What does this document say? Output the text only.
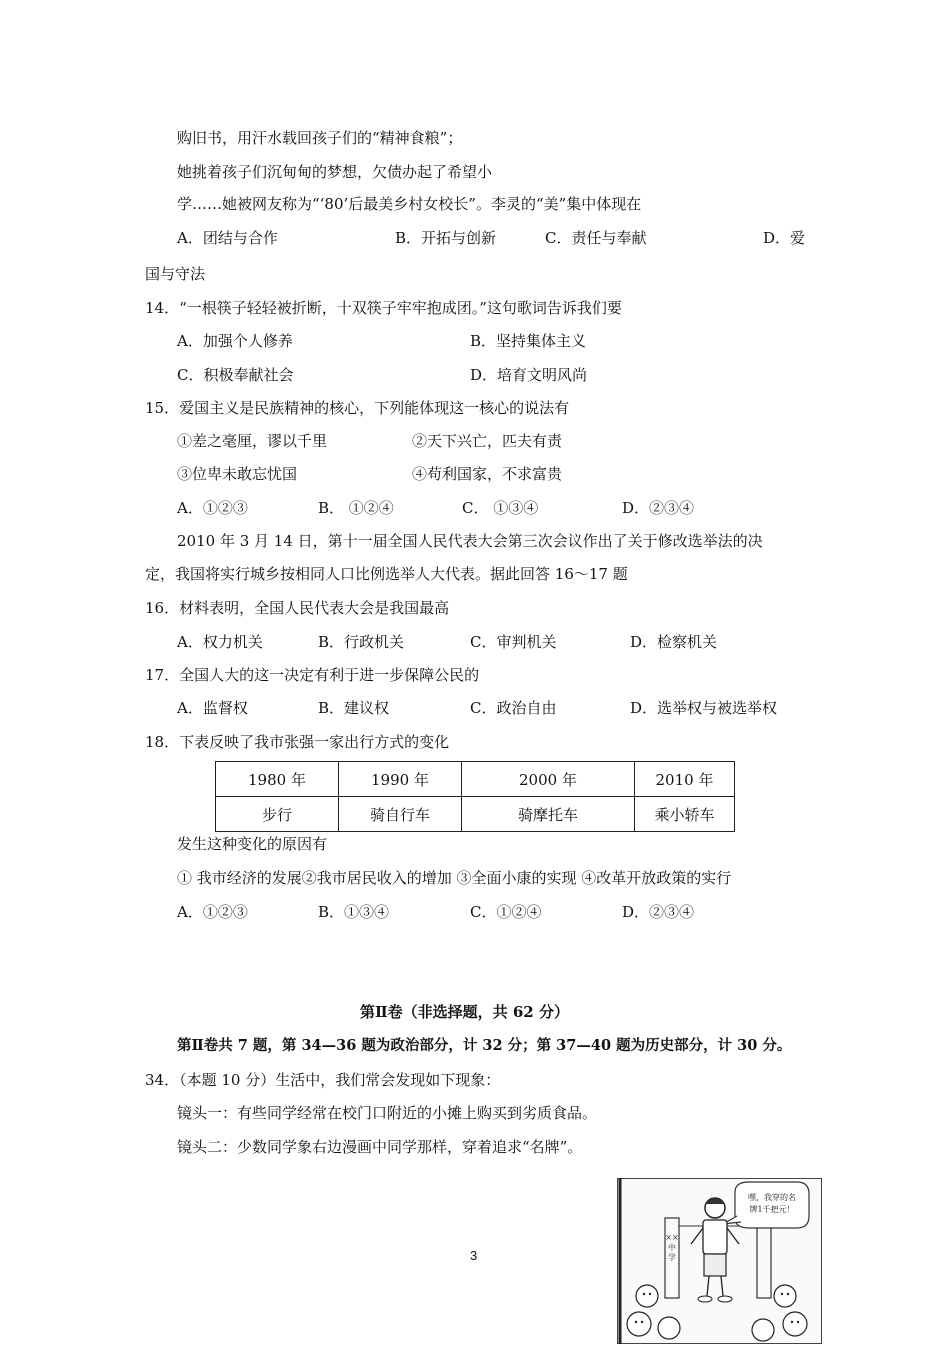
购旧书，用汗水载回孩子们的“精神食粮”；
她挑着孩子们沉甸甸的梦想，欠债办起了希望小
学……她被网友称为“‘80’后最美乡村女校长”。李灵的“美”集中体现在
A．团结与合作	B．开拓与创新	C．责任与奉献	D．爱
国与守法
14．“一根筷子轻轻被折断，十双筷子牢牢抱成团。”这句歌词告诉我们要
A．加强个人修养	B．坚持集体主义
C．积极奉献社会	D．培育文明风尚
15．爱国主义是民族精神的核心，下列能体现这一核心的说法有
①差之毫厘，谬以千里	②天下兴亡，匹夫有责
③位卑未敢忘忧国	④苟利国家，不求富贵
A．①②③	B． ①②④	C． ①③④	D．②③④
2010 年 3 月 14 日，第十一届全国人民代表大会第三次会议作出了关于修改选举法的决
定，我国将实行城乡按相同人口比例选举人大代表。据此回答 16～17 题
16．材料表明，全国人民代表大会是我国最高
A．权力机关	B．行政机关	C．审判机关	D．检察机关
17．全国人大的这一决定有利于进一步保障公民的
A．监督权	B．建议权	C．政治自由	D．选举权与被选举权
18．下表反映了我市张强一家出行方式的变化
1980 年	1990 年	2000 年	2010 年
步行	骑自行车	骑摩托车	乘小轿车
发生这种变化的原因有
① 我市经济的发展②我市居民收入的增加 ③全面小康的实现 ④改革开放政策的实行
A．①②③	B．①③④	C．①②④	D．②③④
第Ⅱ卷（非选择题，共 62 分）
第Ⅱ卷共 7 题，第 34—36 题为政治部分，计 32 分；第 37—40 题为历史部分，计 30 分。
34．（本题 10 分）生活中，我们常会发现如下现象：
镜头一：有些同学经常在校门口附近的小摊上购买到劣质食品。
镜头二：少数同学象右边漫画中同学那样，穿着追求“名牌”。
3
××中学
嘿，我穿的名牌1千把元！
